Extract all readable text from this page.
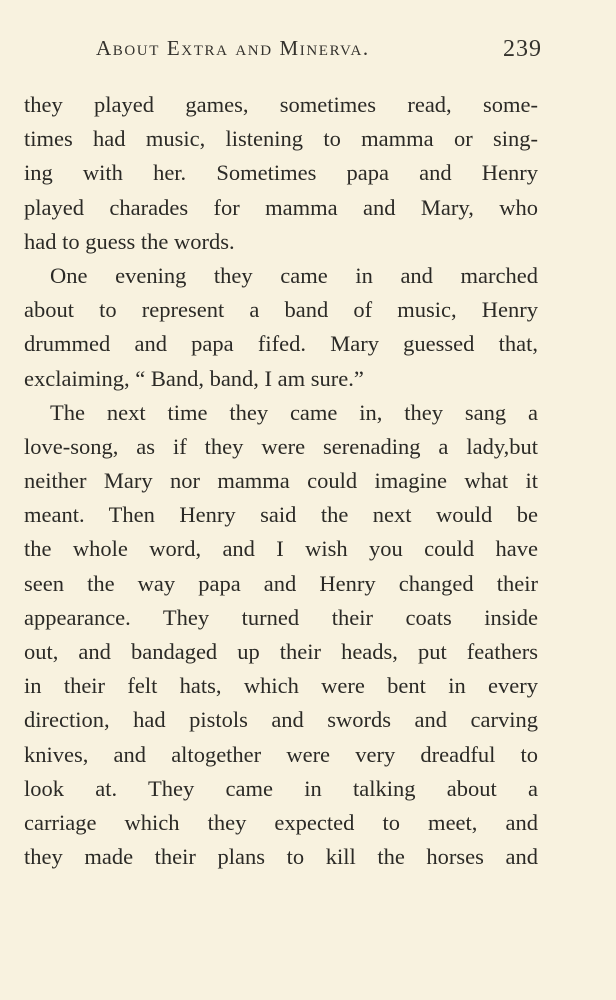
About Extra and Minerva.	239
they played games, sometimes read, some-
times had music, listening to mamma or sing-
ing with her. Sometimes papa and Henry
played charades for mamma and Mary, who
had to guess the words.
One evening they came in and marched
about to represent a band of music, Henry
drummed and papa fifed. Mary guessed that,
exclaiming, “ Band, band, I am sure.”
The next time they came in, they sang a
love-song, as if they were serenading a lady,but
neither Mary nor mamma could imagine what it
meant. Then Henry said the next would be
the whole word, and I wish you could have
seen the way papa and Henry changed their
appearance. They turned their coats inside
out, and bandaged up their heads, put feathers
in their felt hats, which were bent in every
direction, had pistols and swords and carving
knives, and altogether were very dreadful to
look at. They came in talking about a
carriage which they expected to meet, and
they made their plans to kill the horses and
